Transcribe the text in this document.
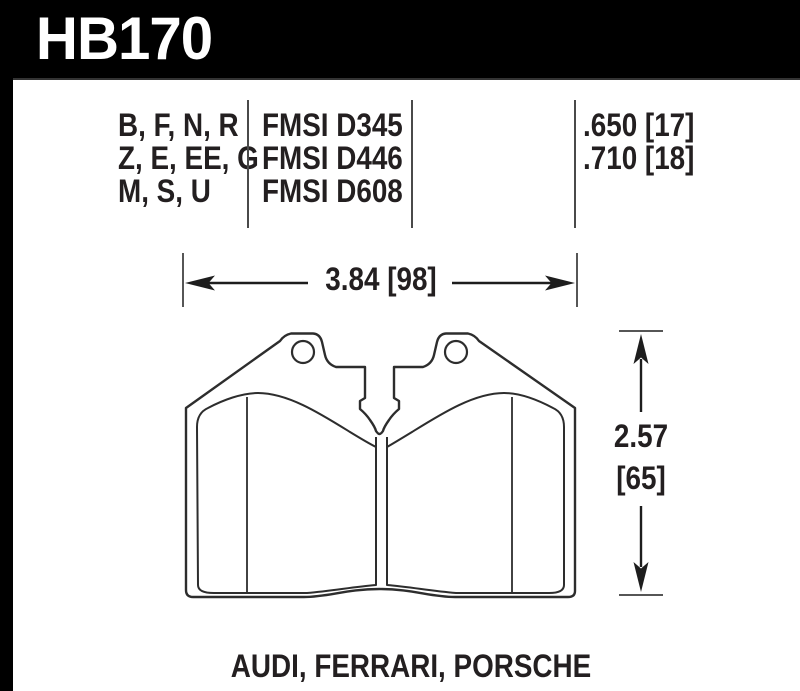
HB170
B, F, N, R
Z, E, EE, G
M, S, U
FMSI D345
FMSI D446
FMSI D608
.650 [17]
.710 [18]
3.84 [98]
2.57
[65]
AUDI, FERRARI, PORSCHE
